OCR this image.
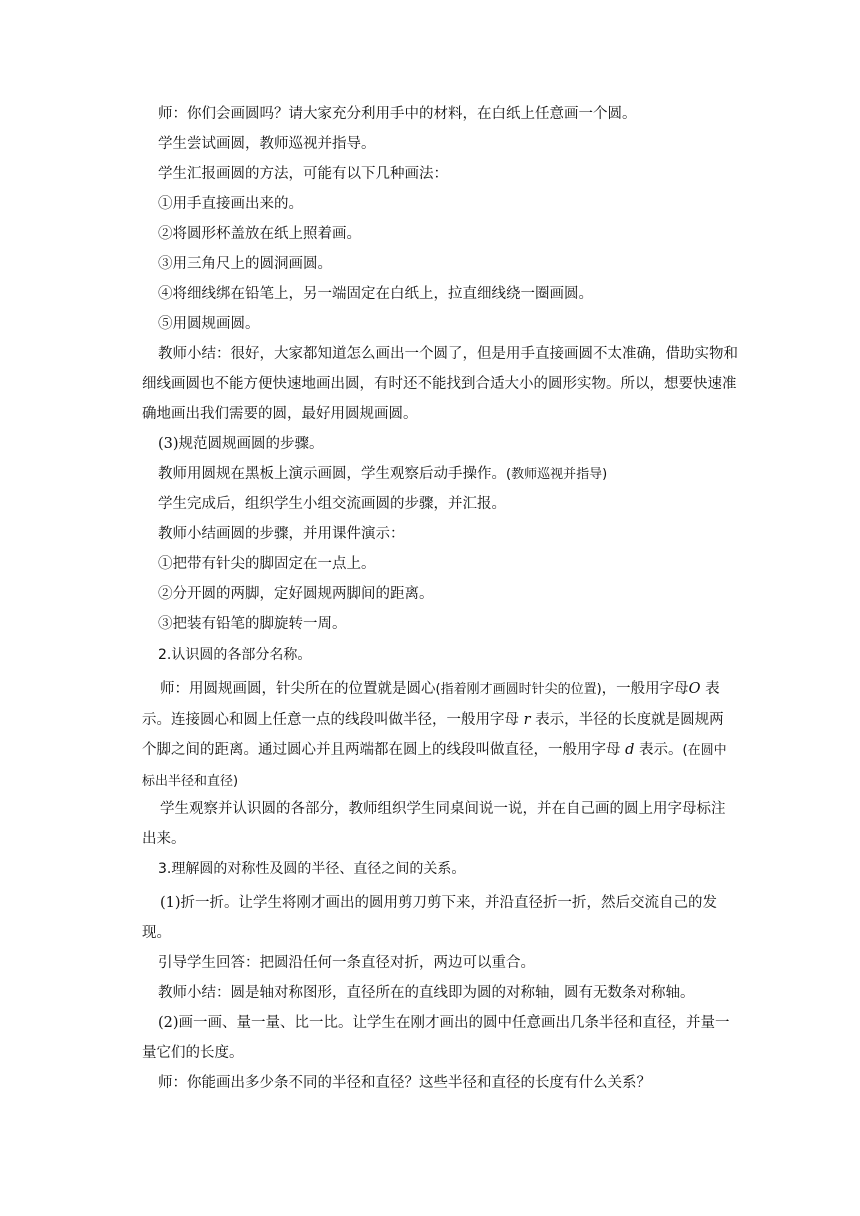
师：你们会画圆吗？请大家充分利用手中的材料，在白纸上任意画一个圆。
学生尝试画圆，教师巡视并指导。
学生汇报画圆的方法，可能有以下几种画法：
①用手直接画出来的。
②将圆形杯盖放在纸上照着画。
③用三角尺上的圆洞画圆。
④将细线绑在铅笔上，另一端固定在白纸上，拉直细线绕一圈画圆。
⑤用圆规画圆。
教师小结：很好，大家都知道怎么画出一个圆了，但是用手直接画圆不太准确，借助实物和细线画圆也不能方便快速地画出圆，有时还不能找到合适大小的圆形实物。所以，想要快速准确地画出我们需要的圆，最好用圆规画圆。
(3)规范圆规画圆的步骤。
教师用圆规在黑板上演示画圆，学生观察后动手操作。(教师巡视并指导)
学生完成后，组织学生小组交流画圆的步骤，并汇报。
教师小结画圆的步骤，并用课件演示：
①把带有针尖的脚固定在一点上。
②分开圆的两脚，定好圆规两脚间的距离。
③把装有铅笔的脚旋转一周。
2.认识圆的各部分名称。
师：用圆规画圆，针尖所在的位置就是圆心(指着刚才画圆时针尖的位置)，一般用字母O 表示。连接圆心和圆上任意一点的线段叫做半径，一般用字母 r 表示，半径的长度就是圆规两个脚之间的距离。通过圆心并且两端都在圆上的线段叫做直径，一般用字母 d 表示。(在圆中标出半径和直径)
学生观察并认识圆的各部分，教师组织学生同桌间说一说，并在自己画的圆上用字母标注出来。
3.理解圆的对称性及圆的半径、直径之间的关系。
(1)折一折。让学生将刚才画出的圆用剪刀剪下来，并沿直径折一折，然后交流自己的发现。
引导学生回答：把圆沿任何一条直径对折，两边可以重合。
教师小结：圆是轴对称图形，直径所在的直线即为圆的对称轴，圆有无数条对称轴。
(2)画一画、量一量、比一比。让学生在刚才画出的圆中任意画出几条半径和直径，并量一量它们的长度。
师：你能画出多少条不同的半径和直径？这些半径和直径的长度有什么关系？
